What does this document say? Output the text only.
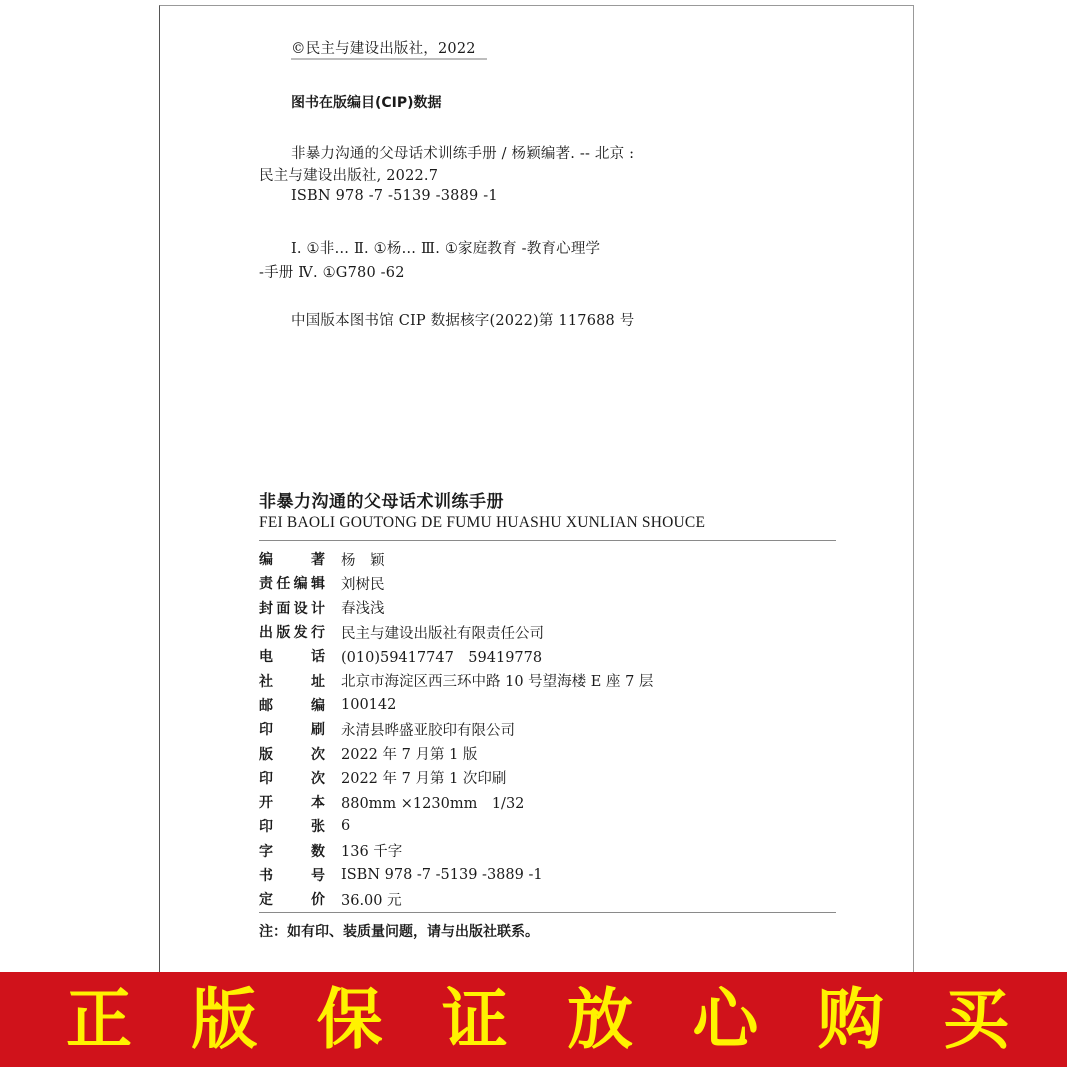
©民主与建设出版社，2022
图书在版编目(CIP)数据
非暴力沟通的父母话术训练手册 / 杨颖编著. -- 北京 :
民主与建设出版社, 2022.7
ISBN 978 -7 -5139 -3889 -1
Ⅰ. ①非… Ⅱ. ①杨… Ⅲ. ①家庭教育 -教育心理学
-手册 Ⅳ. ①G780 -62
中国版本图书馆 CIP 数据核字(2022)第 117688 号
非暴力沟通的父母话术训练手册
FEI BAOLI GOUTONG DE FUMU HUASHU XUNLIAN SHOUCE
编	著 杨　颖
责 任 编 辑 刘树民
封 面 设 计 春浅浅
出 版 发 行 民主与建设出版社有限责任公司
电	话 (010)59417747　59419778
社	址 北京市海淀区西三环中路 10 号望海楼 E 座 7 层
邮	编 100142
印	刷 永清县晔盛亚胶印有限公司
版	次 2022 年 7 月第 1 版
印	次 2022 年 7 月第 1 次印刷
开	本 880mm ×1230mm　1/32
印	张 6
字	数 136 千字
书	号 ISBN 978 -7 -5139 -3889 -1
定	价 36.00 元
注：如有印、装质量问题，请与出版社联系。
正 版 保 证 放 心 购 买
